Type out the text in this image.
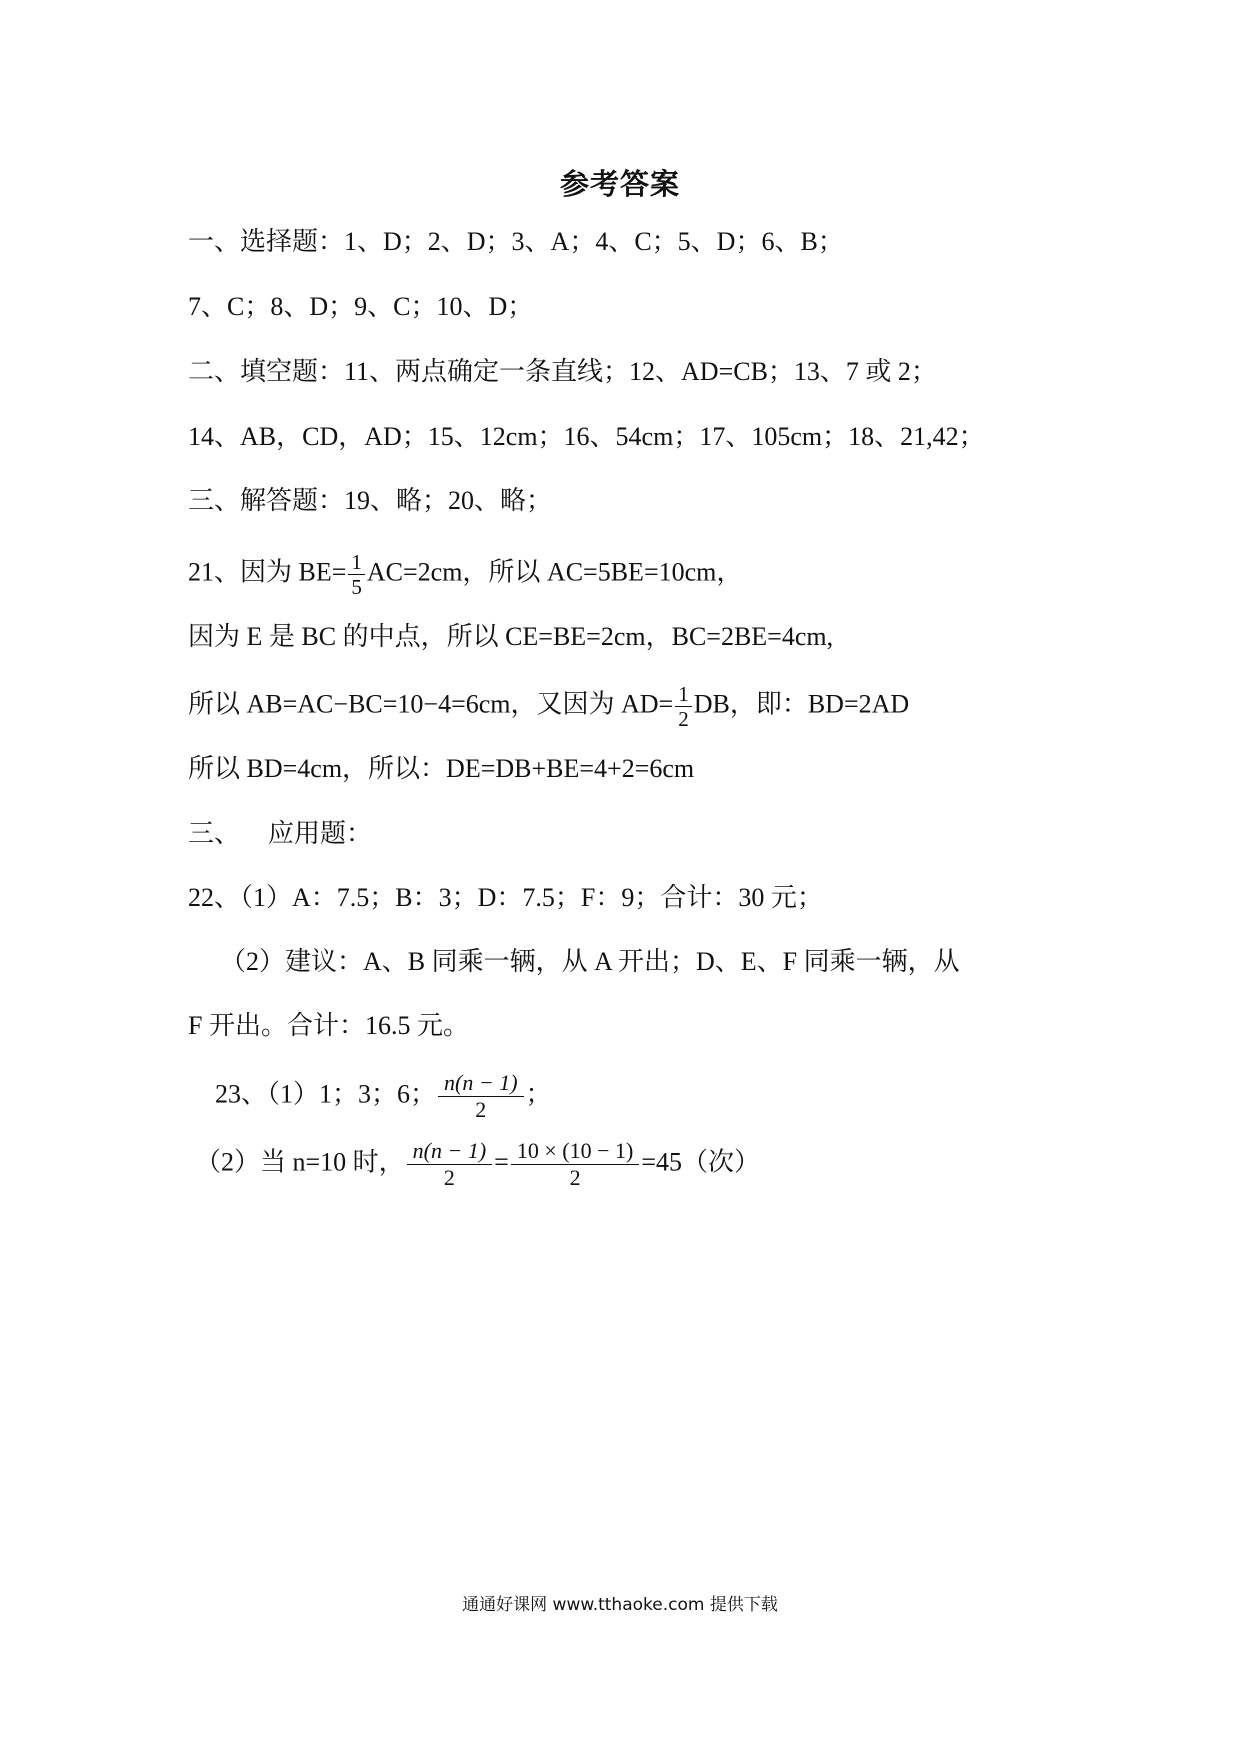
参考答案
一、选择题：1、D；2、D；3、A；4、C；5、D；6、B；
7、C；8、D；9、C；10、D；
二、填空题：11、两点确定一条直线；12、AD=CB；13、7 或 2；
14、AB，CD，AD；15、12cm；16、54cm；17、105cm；18、21,42；
三、解答题：19、略；20、略；
21、因为 $BE= \frac{1}{5} AC=2cm$，所以 AC=5BE=10cm，
因为 E 是 BC 的中点，所以 CE=BE=2cm，BC=2BE=4cm,
所以 AB=AC−BC=10−4=6cm，又因为 $AD= \frac{1}{2}$ DB，即：BD=2AD
所以 BD=4cm，所以：DE=DB+BE=4+2=6cm
三、 应用题：
22、（1）A：7.5；B：3；D：7.5；F：9；合计：30 元；
（2）建议：A、B 同乘一辆，从 A 开出；D、E、F 同乘一辆，从
F 开出。合计：16.5 元。
23、（1）1；3；6； $\frac{n(n - 1)}{2}$ ；
（2）当 n=10 时， $\frac{n(n - 1)}{2} = \frac{10 \times (10 - 1)}{2} =45$（次）
通通好课网 www.tthaoke.com 提供下载
